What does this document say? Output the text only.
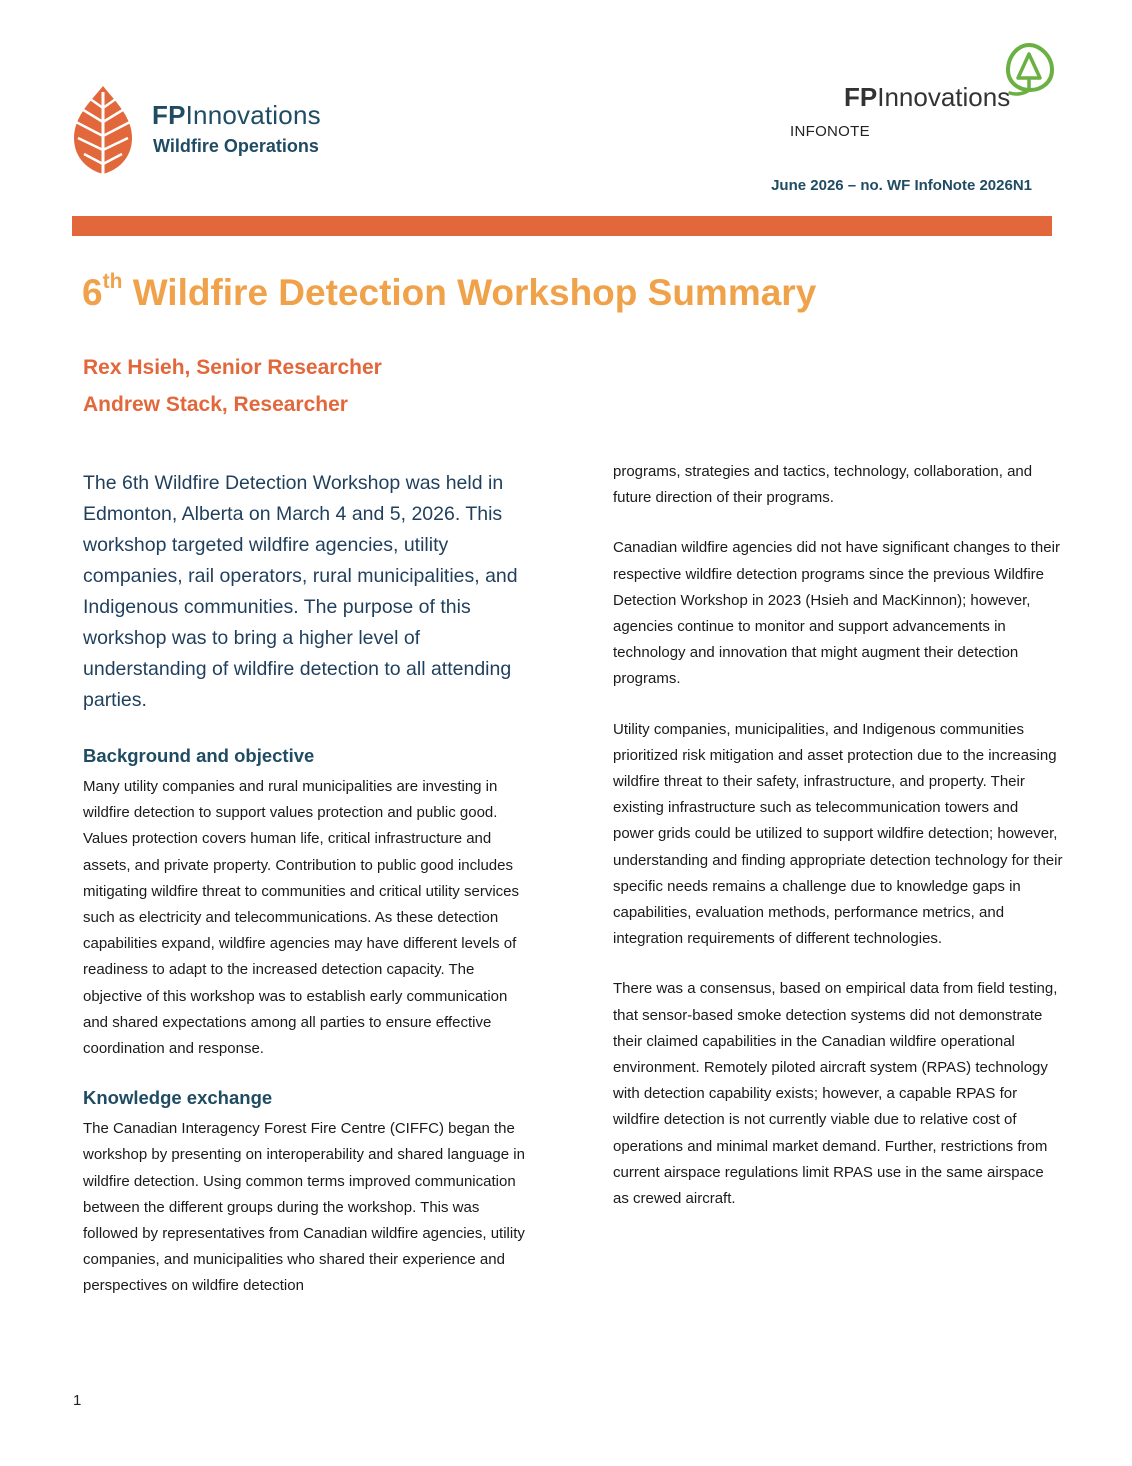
FPInnovations
Wildfire Operations
FPInnovations
INFONOTE
June 2026 – no. WF InfoNote 2026N1
6th Wildfire Detection Workshop Summary
Rex Hsieh, Senior Researcher
Andrew Stack, Researcher

The 6th Wildfire Detection Workshop was held in Edmonton, Alberta on March 4 and 5, 2026. This workshop targeted wildfire agencies, utility companies, rail operators, rural municipalities, and Indigenous communities. The purpose of this workshop was to bring a higher level of understanding of wildfire detection to all attending parties.

Background and objective

Many utility companies and rural municipalities are investing in wildfire detection to support values protection and public good. Values protection covers human life, critical infrastructure and assets, and private property. Contribution to public good includes mitigating wildfire threat to communities and critical utility services such as electricity and telecommunications. As these detection capabilities expand, wildfire agencies may have different levels of readiness to adapt to the increased detection capacity. The objective of this workshop was to establish early communication and shared expectations among all parties to ensure effective coordination and response.

Knowledge exchange

The Canadian Interagency Forest Fire Centre (CIFFC) began the workshop by presenting on interoperability and shared language in wildfire detection. Using common terms improved communication between the different groups during the workshop. This was followed by representatives from Canadian wildfire agencies, utility companies, and municipalities who shared their experience and perspectives on wildfire detection

programs, strategies and tactics, technology, collaboration, and future direction of their programs.

Canadian wildfire agencies did not have significant changes to their respective wildfire detection programs since the previous Wildfire Detection Workshop in 2023 (Hsieh and MacKinnon); however, agencies continue to monitor and support advancements in technology and innovation that might augment their detection programs.

Utility companies, municipalities, and Indigenous communities prioritized risk mitigation and asset protection due to the increasing wildfire threat to their safety, infrastructure, and property. Their existing infrastructure such as telecommunication towers and power grids could be utilized to support wildfire detection; however, understanding and finding appropriate detection technology for their specific needs remains a challenge due to knowledge gaps in capabilities, evaluation methods, performance metrics, and integration requirements of different technologies.

There was a consensus, based on empirical data from field testing, that sensor-based smoke detection systems did not demonstrate their claimed capabilities in the Canadian wildfire operational environment. Remotely piloted aircraft system (RPAS) technology with detection capability exists; however, a capable RPAS for wildfire detection is not currently viable due to relative cost of operations and minimal market demand. Further, restrictions from current airspace regulations limit RPAS use in the same airspace as crewed aircraft.

1
